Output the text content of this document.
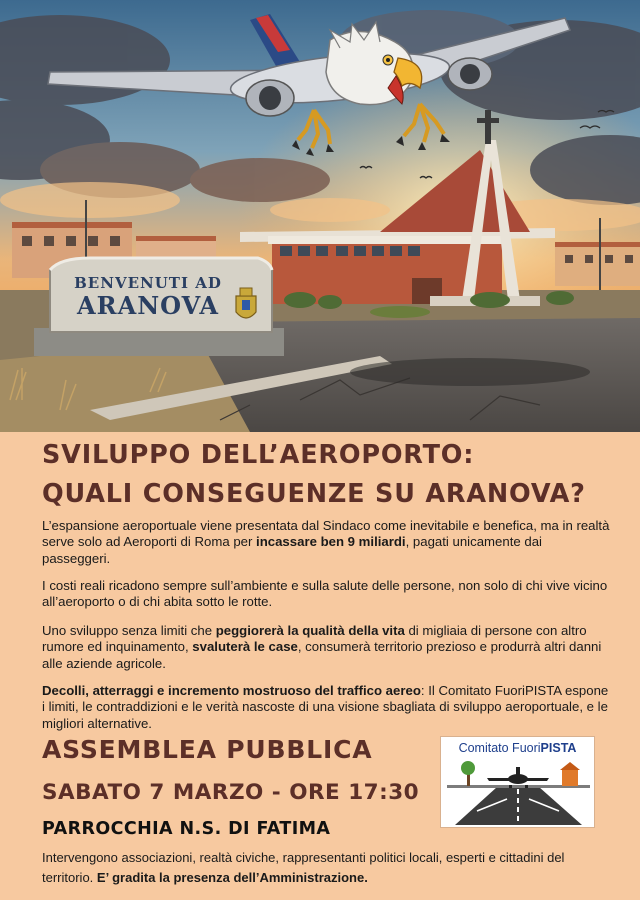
BENVENUTI AD
ARANOVA
SVILUPPO DELL’AEROPORTO:
QUALI CONSEGUENZE SU ARANOVA?

L’espansione aeroportuale viene presentata dal Sindaco come inevitabile e benefica, ma in realtà serve solo ad Aeroporti di Roma per incassare ben 9 miliardi, pagati unicamente dai passeggeri.

I costi reali ricadono sempre sull’ambiente e sulla salute delle persone, non solo di chi vive vicino all’aeroporto o di chi abita sotto le rotte.

Uno sviluppo senza limiti che peggiorerà la qualità della vita di migliaia di persone con altro rumore ed inquinamento, svaluterà le case, consumerà territorio prezioso e produrrà altri danni alle aziende agricole.

Decolli, atterraggi e incremento mostruoso del traffico aereo: Il Comitato FuoriPISTA espone i limiti, le contraddizioni e le verità nascoste di una visione sbagliata di sviluppo aeroportuale, e le migliori alternative.

ASSEMBLEA PUBBLICA
SABATO 7 MARZO - ORE 17:30
PARROCCHIA N.S. DI FATIMA

Intervengono associazioni, realtà civiche, rappresentanti politici locali, esperti e cittadini del territorio. E’ gradita la presenza dell’Amministrazione.

Comitato FuoriPISTA
